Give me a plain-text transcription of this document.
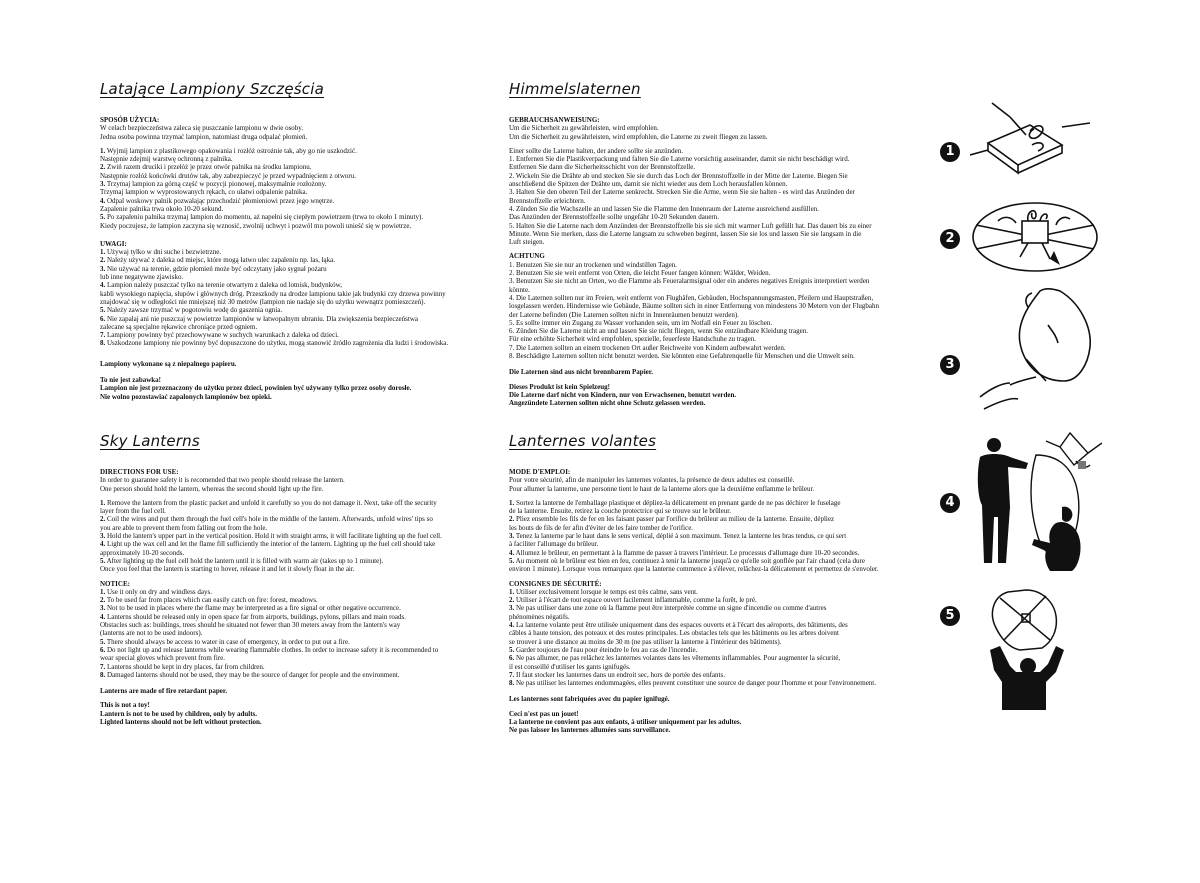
Latające Lampiony Szczęścia

SPOSÓB UŻYCIA:

W celach bezpieczeństwa zaleca się puszczanie lampionu w dwie osoby.

Jedna osoba powinna trzymać lampion, natomiast druga odpalać płomień.

1. Wyjmij lampion z plastikowego opakowania i rozłóż ostrożnie tak, aby go nie uszkodzić.

Następnie zdejmij warstwę ochronną z palnika.

2. Zwiń razem druciki i przełóż je przez otwór palnika na środku lampionu.

Następnie rozłóż końcówki drutów tak, aby zabezpieczyć je przed wypadnięciem z otworu.

3. Trzymaj lampion za górną część w pozycji pionowej, maksymalnie rozłożony.

Trzymaj lampion w wyprostowanych rękach, co ułatwi odpalenie palnika.

4. Odpal woskowy palnik pozwalając przechodzić płomieniowi przez jego wnętrze.

Zapalenie palnika trwa około 10-20 sekund.

5. Po zapaleniu palnika trzymaj lampion do momentu, aż napełni się ciepłym powietrzem (trwa to około 1 minuty).

Kiedy poczujesz, że lampion zaczyna się wznosić, zwolnij uchwyt i pozwól mu powoli unieść się w powietrze.

UWAGI:

1. Używaj tylko w dni suche i bezwietrzne.

2. Należy używać z daleka od miejsc, które mogą łatwo ulec zapaleniu np. las, łąka.

3. Nie używać na terenie, gdzie płomień może być odczytany jako sygnał pożaru

lub inne negatywne zjawisko.

4. Lampion należy puszczać tylko na terenie otwartym z daleka od lotnisk, budynków,

kabli wysokiego napięcia, słupów i głównych dróg. Przeszkody na drodze lampionu takie jak budynki czy drzewa powinny

znajdować się w odległości nie mniejszej niż 30 metrów (lampion nie nadaje się do użytku wewnątrz pomieszczeń).

5. Należy zawsze trzymać w pogotowiu wodę do gaszenia ognia.

6. Nie zapalaj ani nie puszczaj w powietrze lampionów w łatwopalnym ubraniu. Dla zwiększenia bezpieczeństwa

zalecane są specjalne rękawice chroniące przed ogniem.

7. Lampiony powinny być przechowywane w suchych warunkach z daleka od dzieci.

8. Uszkodzone lampiony nie powinny być dopuszczone do użytku, mogą stanowić źródło zagrożenia dla ludzi i środowiska.

Lampiony wykonane są z niepalnego papieru.

To nie jest zabawka!

Lampion nie jest przeznaczony do użytku przez dzieci, powinien być używany tylko przez osoby dorosłe.

Nie wolno pozostawiać zapalonych lampionów bez opieki.

Himmelslaternen

GEBRAUCHSANWEISUNG:

Um die Sicherheit zu gewährleisten, wird empfohlen.

Um die Sicherheit zu gewährleisten, wird empfohlen, die Laterne zu zweit fliegen zu lassen.

Einer sollte die Laterne halten, der andere sollte sie anzünden.

1. Entfernen Sie die Plastikverpackung und falten Sie die Laterne vorsichtig auseinander, damit sie nicht beschädigt wird.

Entfernen Sie dann die Sicherheitsschicht von der Brennstoffzelle.

2. Wickeln Sie die Drähte ab und stecken Sie sie durch das Loch der Brennstoffzelle in der Mitte der Laterne. Biegen Sie

anschließend die Spitzen der Drähte um, damit sie nicht wieder aus dem Loch herausfallen können.

3. Halten Sie den oberen Teil der Laterne senkrecht. Strecken Sie die Arme, wenn Sie sie halten - es wird das Anzünden der

Brennstoffzelle erleichtern.

4. Zünden Sie die Wachszelle an und lassen Sie die Flamme den Innenraum der Laterne ausreichend ausfüllen.

Das Anzünden der Brennstoffzelle sollte ungefähr 10-20 Sekunden dauern.

5. Halten Sie die Laterne nach dem Anzünden der Brennstoffzelle bis sie sich mit warmer Luft gefüllt hat. Das dauert bis zu einer

Minute. Wenn Sie merken, dass die Laterne langsam zu schweben beginnt, lassen Sie sie los und lassen Sie sie langsam in die

Luft steigen.

ACHTUNG

1. Benutzen Sie sie nur an trockenen und windstillen Tagen.

2. Benutzen Sie sie weit entfernt von Orten, die leicht Feuer fangen können: Wälder, Weiden.

3. Benutzen Sie sie nicht an Orten, wo die Flamme als Feueralarmsignal oder ein anderes negatives Ereignis interpretiert werden

könnte.

4. Die Laternen sollten nur im Freien, weit entfernt von Flughäfen, Gebäuden, Hochspannungsmasten, Pfeilern und Hauptstraßen,

losgelassen werden. Hindernisse wie Gebäude, Bäume sollten sich in einer Entfernung von mindestens 30 Metern von der Flugbahn

der Laterne befinden (Die Laternen sollten nicht in Innenräumen benutzt werden).

5. Es sollte immer ein Zugang zu Wasser vorhanden sein, um im Notfall ein Feuer zu löschen.

6. Zünden Sie die Laterne nicht an und lassen Sie sie nicht fliegen, wenn Sie entzündbare Kleidung tragen.

Für eine erhöhte Sicherheit wird empfohlen, spezielle, feuerfeste Handschuhe zu tragen.

7. Die Laternen sollten an einem trockenen Ort außer Reichweite von Kindern aufbewahrt werden.

8. Beschädigte Laternen sollten nicht benutzt werden. Sie könnten eine Gefahrenquelle für Menschen und die Umwelt sein.

Die Laternen sind aus nicht brennbarem Papier.

Dieses Produkt ist kein Spielzeug!

Die Laterne darf nicht von Kindern, nur von Erwachsenen, benutzt werden.

Angezündete Laternen sollten nicht ohne Schutz gelassen werden.

Sky Lanterns

DIRECTIONS FOR USE:

In order to guarantee safety it is recomended that two people should release the lantern.

One person should hold the lantern, whereas the second should light up the fire.

1. Remove the lantern from the plastic packet and unfold it carefully so you do not damage it. Next, take off the security

layer from the fuel cell.

2. Coil the wires and put them through the fuel cell's hole in the middle of the lantern. Afterwards, unfold wires' tips so

you are able to prevent them from falling out from the hole.

3. Hold the lantern's upper part in the vertical position. Hold it with straight arms, it will facilitate lighting up the fuel cell.

4. Light up the wax cell and let the flame fill sufficiently the interior of the lantern. Lighting up the fuel cell should take

approximately 10-20 seconds.

5. After lighting up the fuel cell hold the lantern until it is filled with warm air (takes up to 1 minute).

Once you feel that the lantern is starting to hover, release it and let it slowly float in the air.

NOTICE:

1. Use it only on dry and windless days.

2. To be used far from places which can easily catch on fire: forest, meadows.

3. Not to be used in places where the flame may be interpreted as a fire signal or other negative occurrence.

4. Lanterns should be released only in open space far from airports, buildings, pylons, pillars and main roads.

Obstacles such as: buildings, trees should be situated not fewer than 30 meters away from the lantern's way

(lanterns are not to be used indoors).

5. There should always be access to water in case of emergency, in order to put out a fire.

6. Do not light up and release lanterns while wearing flammable clothes. In order to increase safety it is recommended to

wear special gloves which prevent from fire.

7. Lanterns should be kept in dry places, far from children.

8. Damaged lanterns should not be used, they may be the source of danger for people and the environment.

Lanterns are made of fire retardant paper.

This is not a toy!

Lantern is not to be used by children, only by adults.

Lighted lanterns should not be left without protection.

Lanternes volantes

MODE D'EMPLOI:

Pour votre sécurité, afin de manipuler les lanternes volantes, la présence de deux adultes est conseillé.

Pour allumer la lanterne, une personne tient le haut de la lanterne alors que la deuxième enflamme le brûleur.

1. Sortez la lanterne de l'emballage plastique et dépliez-la délicatement en prenant garde de ne pas déchirer le fuselage

de la lanterne. Ensuite, retirez la couche protectrice qui se trouve sur le brûleur.

2. Pliez ensemble les fils de fer en les faisant passer par l'orifice du brûleur au milieu de la lanterne. Ensuite, dépliez

les bouts de fils de fer afin d'éviter de les faire tomber de l'orifice.

3. Tenez la lanterne par le haut dans le sens vertical, déplié à son maximum. Tenez la lanterne les bras tendus, ce qui sert

à faciliter l'allumage du brûleur.

4. Allumez le brûleur, en permettant à la flamme de passer à travers l'intérieur. Le processus d'allumage dure 10-20 secondes.

5. Au moment où le brûleur est bien en feu, continuez à tenir la lanterne jusqu'à ce qu'elle soit gonflée par l'air chaud (cela dure

environ 1 minute). Lorsque vous remarquez que la lanterne commence à s'élever, relâchez-la délicatement et permettez de s'envoler.

CONSIGNES DE SÉCURITÉ:

1. Utiliser exclusivement lorsque le temps est très calme, sans vent.

2. Utiliser à l'écart de tout espace ouvert facilement inflammable, comme la forêt, le pré.

3. Ne pas utiliser dans une zone où la flamme peut être interprétée comme un signe d'incendie ou comme d'autres

phénomènes négatifs.

4. La lanterne volante peut être utilisée uniquement dans des espaces ouverts et à l'écart des aéroports, des bâtiments, des

câbles à haute tension, des poteaux et des routes principales. Les obstacles tels que les bâtiments ou les arbres doivent

se trouver à une distance au moins de 30 m (ne pas utiliser la lanterne à l'intérieur des bâtiments).

5. Garder toujours de l'eau pour éteindre le feu au cas de l'incendie.

6. Ne pas allumer, ne pas relâchez les lanternes volantes dans les vêtements inflammables. Pour augmenter la sécurité,

il est conseillé d'utiliser les gants ignifugés.

7. Il faut stocker les lanternes dans un endroit sec, hors de portée des enfants.

8. Ne pas utiliser les lanternes endommagées, elles peuvent constituer une source de danger pour l'homme et pour l'environnement.

Les lanternes sont fabriquées avec du papier ignifugé.

Ceci n'est pas un jouet!

La lanterne ne convient pas aux enfants, à utiliser uniquement par les adultes.

Ne pas laisser les lanternes allumées sans surveillance.

1
2
3
4
5
